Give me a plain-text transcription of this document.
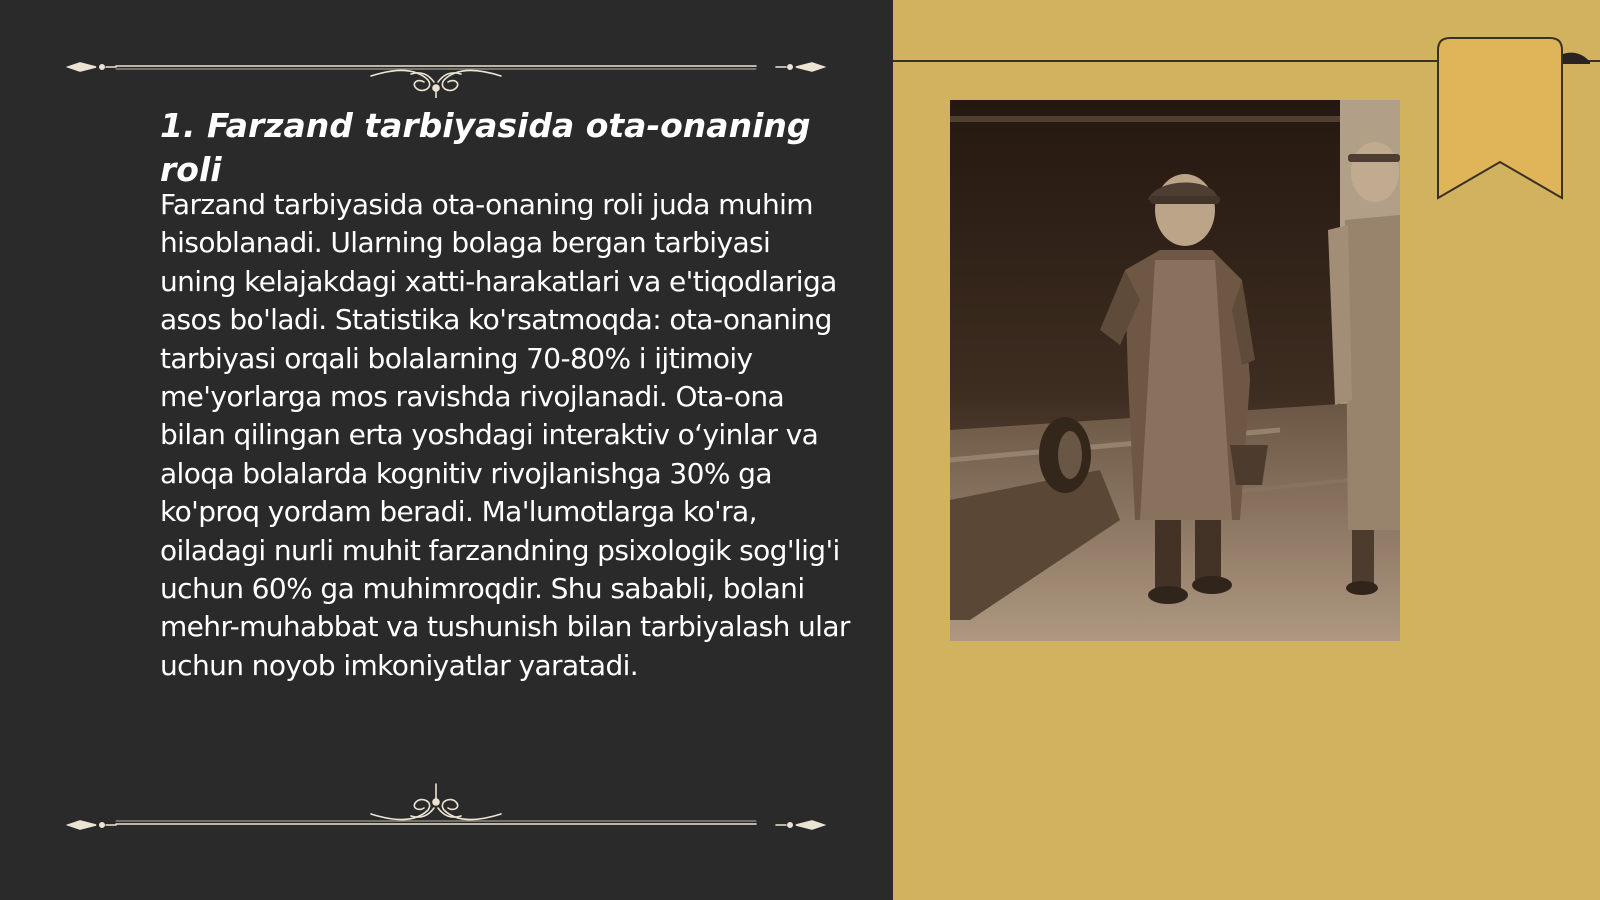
1. Farzand tarbiyasida ota-onaning roli

Farzand tarbiyasida ota-onaning roli juda muhim hisoblanadi. Ularning bolaga bergan tarbiyasi uning kelajakdagi xatti-harakatlari va e'tiqodlariga asos bo'ladi. Statistika ko'rsatmoqda: ota-onaning tarbiyasi orqali bolalarning 70-80% i ijtimoiy me'yorlarga mos ravishda rivojlanadi. Ota-ona bilan qilingan erta yoshdagi interaktiv o‘yinlar va aloqa bolalarda kognitiv rivojlanishga 30% ga ko'proq yordam beradi. Ma'lumotlarga ko'ra, oiladagi nurli muhit farzandning psixologik sog'lig'i uchun 60% ga muhimroqdir. Shu sababli, bolani mehr-muhabbat va tushunish bilan tarbiyalash ular uchun noyob imkoniyatlar yaratadi.
